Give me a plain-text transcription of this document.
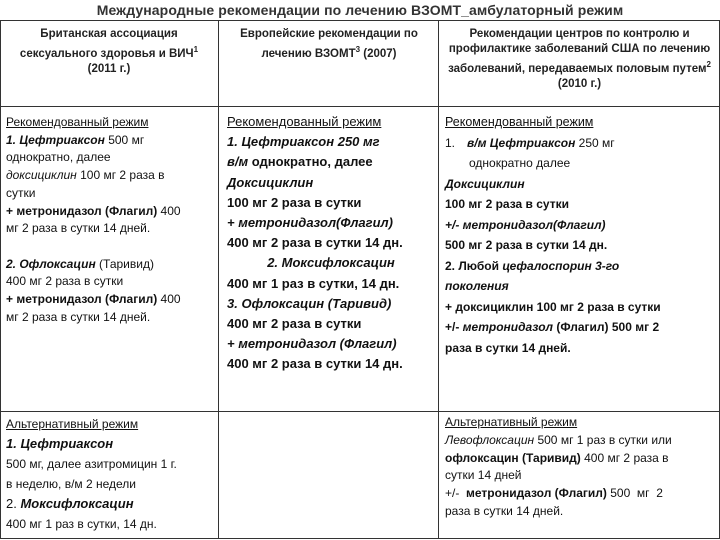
Международные рекомендации по лечению ВЗОМТ_амбулаторный режим
Британская ассоциация сексуального здоровья и ВИЧ$^1$ (2011 г.)
Европейские рекомендации по лечению ВЗОМТ$^3$ (2007)
Рекомендации центров по контролю и профилактике заболеваний США по лечению заболеваний, передаваемых половым путем$^2$ (2010 г.)

Рекомендованный режим

1. Цефтриаксон 500 мг

однократно, далее

доксициклин 100 мг 2 раза в

сутки

+ метронидазол (Флагил) 400

мг 2 раза в сутки 14 дней.

2. Офлоксацин (Таривид)

400 мг 2 раза в сутки

+ метронидазол (Флагил) 400

мг 2 раза в сутки 14 дней.

Рекомендованный режим

1. Цефтриаксон 250 мг

в/м однократно, далее

Доксициклин

100 мг 2 раза в сутки

+ метронидазол(Флагил)

400 мг 2 раза в сутки 14 дн.

2. Моксифлоксацин

400 мг 1 раз в сутки, 14 дн.

3. Офлоксацин (Таривид)

400 мг 2 раза в сутки

+ метронидазол (Флагил)

400 мг 2 раза в сутки 14 дн.

Рекомендованный режим

1. в/м Цефтриаксон 250 мг

однократно далее

Доксициклин

100 мг 2 раза в сутки

+/- метронидазол(Флагил)

500 мг 2 раза в сутки 14 дн.

2. Любой цефалоспорин 3-го

поколения

+ доксициклин 100 мг 2 раза в сутки

+/- метронидазол (Флагил) 500 мг 2

раза в сутки 14 дней.

Альтернативный режим

1. Цефтриаксон

500 мг, далее азитромицин 1 г.

в неделю, в/м 2 недели

2. Моксифлоксацин

400 мг 1 раз в сутки, 14 дн.

Альтернативный режим

Левофлоксацин 500 мг 1 раз в сутки или

офлоксацин (Таривид) 400 мг 2 раза в

сутки 14 дней

+/-  метронидазол (Флагил) 500  мг  2

раза в сутки 14 дней.
